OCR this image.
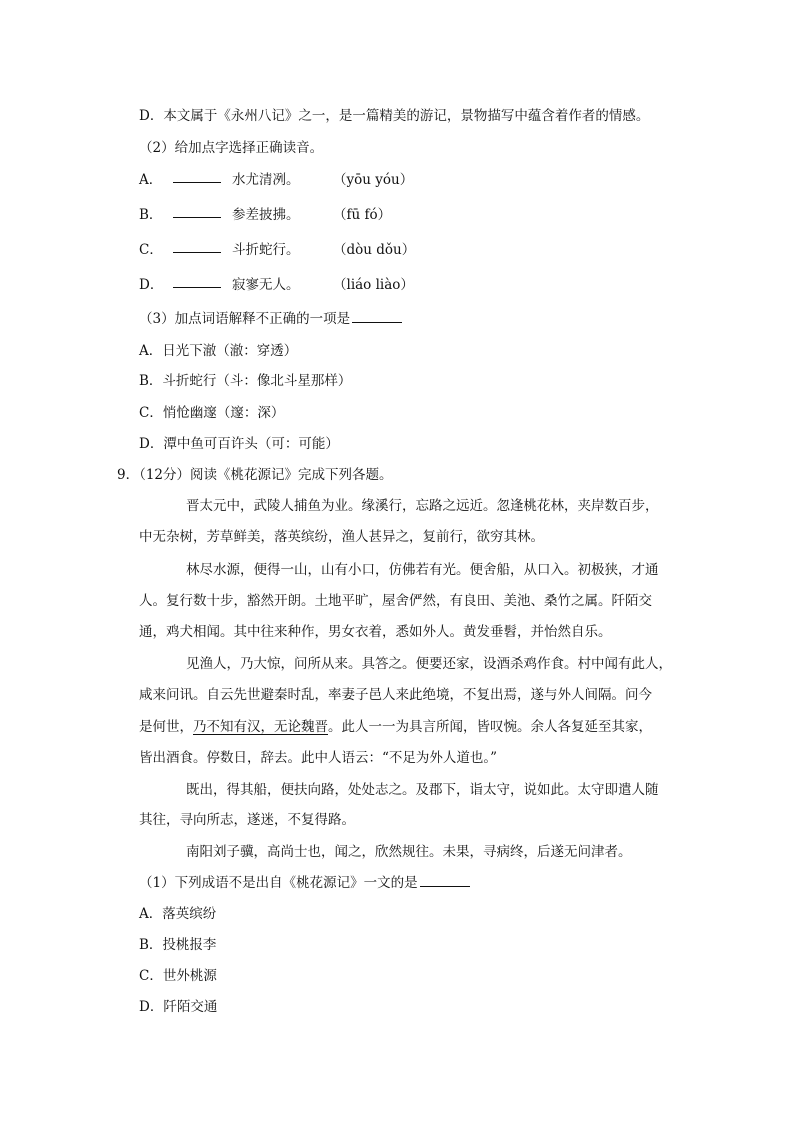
D．本文属于《永州八记》之一，是一篇精美的游记，景物描写中蕴含着作者的情感。
（2）给加点字选择正确读音。
A．	水尤清冽。 （yōu yóu）
B．	参差披拂。 （fū fó）
C．	斗折蛇行。 （dòu dǒu）
D．	寂寥无人。 （liáo liào）
（3）加点词语解释不正确的一项是
A．日光下澈（澈：穿透）
B．斗折蛇行（斗：像北斗星那样）
C．悄怆幽邃（邃：深）
D．潭中鱼可百许头（可：可能）
9．（12分）阅读《桃花源记》完成下列各题。
晋太元中，武陵人捕鱼为业。缘溪行，忘路之远近。忽逢桃花林，夹岸数百步，
中无杂树，芳草鲜美，落英缤纷，渔人甚异之，复前行，欲穷其林。
林尽水源，便得一山，山有小口，仿佛若有光。便舍船，从口入。初极狭，才通
人。复行数十步，豁然开朗。土地平旷，屋舍俨然，有良田、美池、桑竹之属。阡陌交
通，鸡犬相闻。其中往来种作，男女衣着，悉如外人。黄发垂髫，并怡然自乐。
见渔人，乃大惊，问所从来。具答之。便要还家，设酒杀鸡作食。村中闻有此人，
咸来问讯。自云先世避秦时乱，率妻子邑人来此绝境，不复出焉，遂与外人间隔。问今
是何世，乃不知有汉，无论魏晋。此人一一为具言所闻，皆叹惋。余人各复延至其家，
皆出酒食。停数日，辞去。此中人语云：“不足为外人道也。”
既出，得其船，便扶向路，处处志之。及郡下，诣太守，说如此。太守即遣人随
其往，寻向所志，遂迷，不复得路。
南阳刘子骥，高尚士也，闻之，欣然规往。未果，寻病终，后遂无问津者。
（1）下列成语不是出自《桃花源记》一文的是
A．落英缤纷
B．投桃报李
C．世外桃源
D．阡陌交通
